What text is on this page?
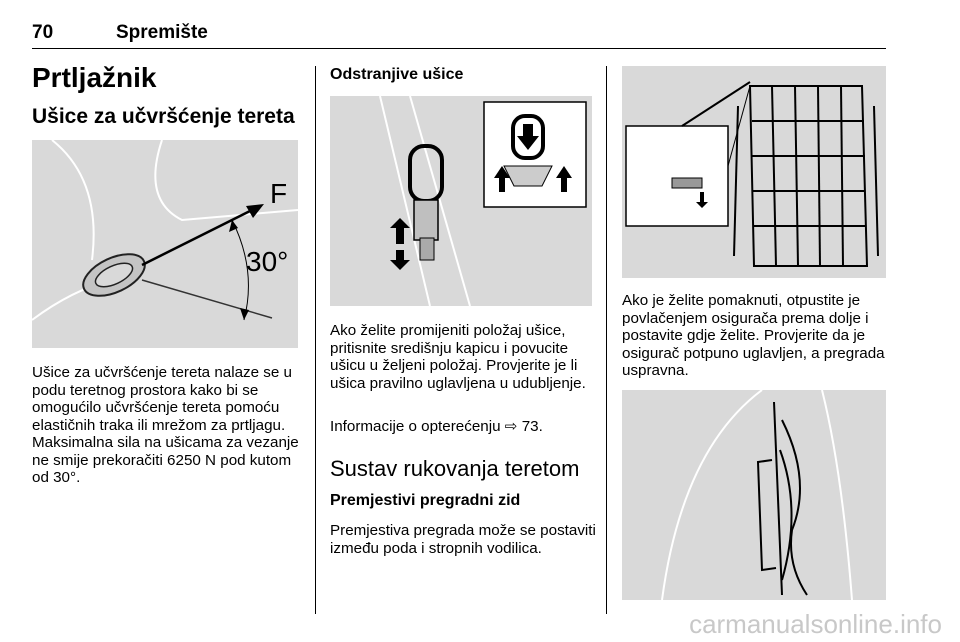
70	Spremište
Prtljažnik
Ušice za učvršćenje tereta
F
30°
Ušice za učvršćenje tereta nalaze se u podu teretnog prostora kako bi se omogućilo učvršćenje tereta pomoću elastičnih traka ili mrežom za prtljagu.
Maksimalna sila na ušicama za vezanje ne smije prekoračiti 6250 N pod kutom od 30°.
Odstranjive ušice
Ako želite promijeniti položaj ušice, pritisnite središnju kapicu i povucite ušicu u željeni položaj. Provjerite je li ušica pravilno uglavljena u udubljenje.
Informacije o opterećenju ⇨ 73.
Sustav rukovanja teretom
Premjestivi pregradni zid
Premjestiva pregrada može se postaviti između poda i stropnih vodilica.
Ako je želite pomaknuti, otpustite je povlačenjem osigurača prema dolje i postavite gdje želite. Provjerite da je osigurač potpuno uglavljen, a pregrada uspravna.
carmanualsonline.info
